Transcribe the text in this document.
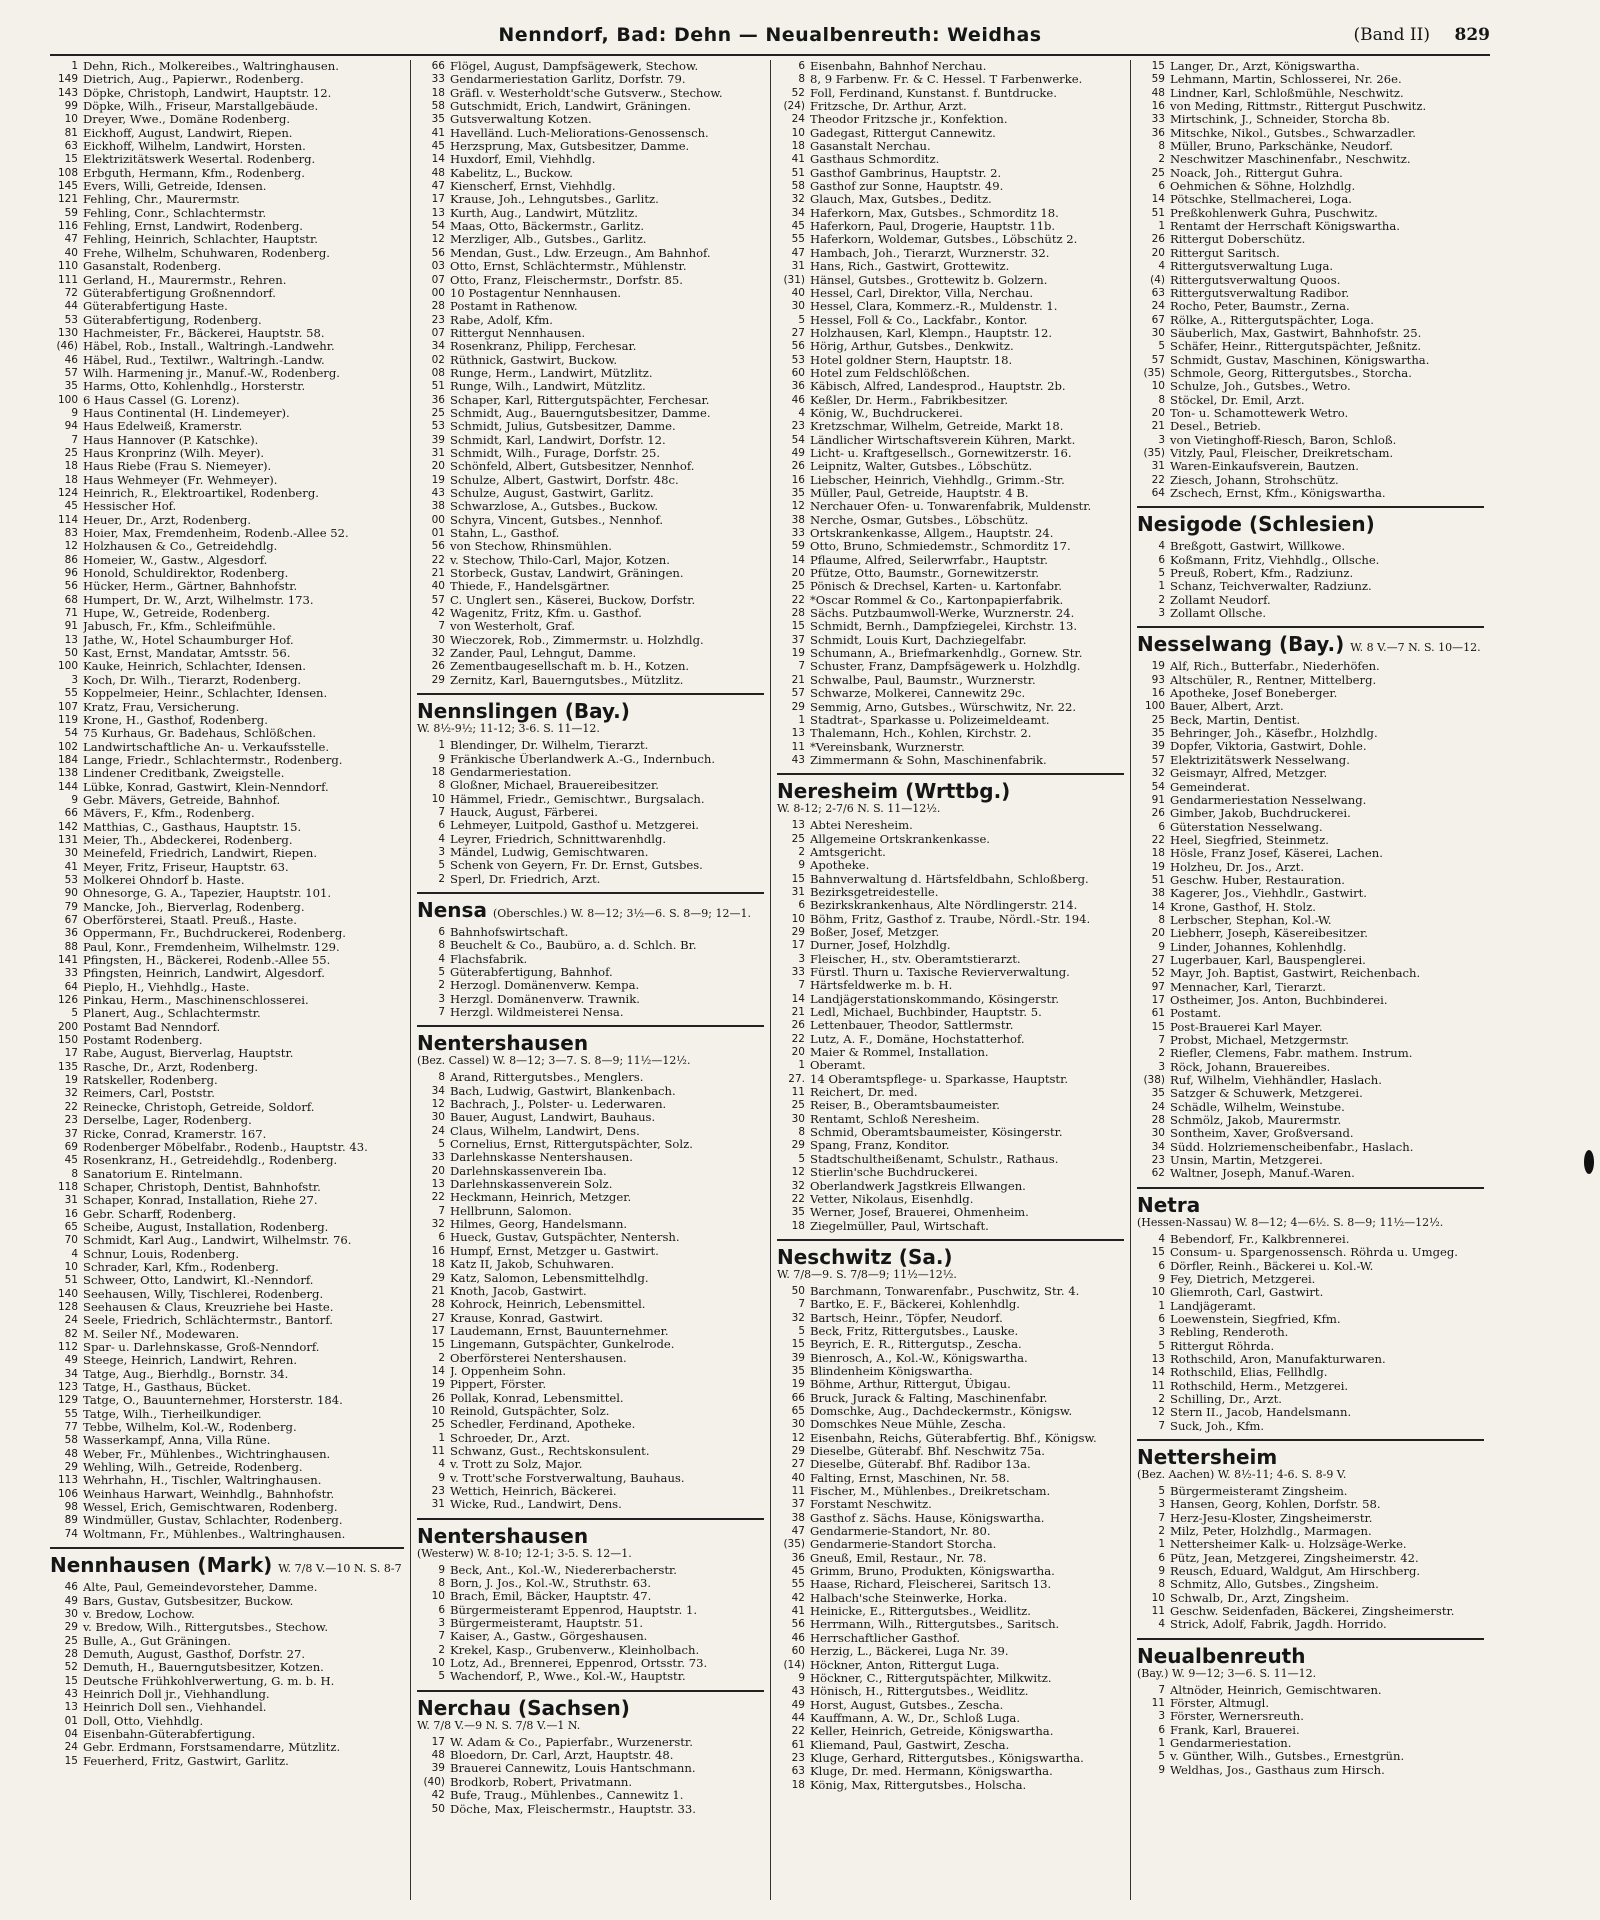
Nenndorf, Bad: Dehn — Neualbenreuth: Weidhas	(Band II) 829
1 Dehn, Rich., Molkereibes., Waltringhausen.
149 Dietrich, Aug., Papierwr., Rodenberg.
143 Döpke, Christoph, Landwirt, Hauptstr. 12.
99 Döpke, Wilh., Friseur, Marstallgebäude.
10 Dreyer, Wwe., Domäne Rodenberg.
81 Eickhoff, August, Landwirt, Riepen.
63 Eickhoff, Wilhelm, Landwirt, Horsten.
15 Elektrizitätswerk Wesertal. Rodenberg.
108 Erbguth, Hermann, Kfm., Rodenberg.
145 Evers, Willi, Getreide, Idensen.
121 Fehling, Chr., Maurermstr.
59 Fehling, Conr., Schlachtermstr.
116 Fehling, Ernst, Landwirt, Rodenberg.
47 Fehling, Heinrich, Schlachter, Hauptstr.
40 Frehe, Wilhelm, Schuhwaren, Rodenberg.
110 Gasanstalt, Rodenberg.
111 Gerland, H., Maurermstr., Rehren.
72 Güterabfertigung Großnenndorf.
44 Güterabfertigung Haste.
53 Güterabfertigung, Rodenberg.
130 Hachmeister, Fr., Bäckerei, Hauptstr. 58.
(46) Häbel, Rob., Install., Waltringh.-Landwehr.
46 Häbel, Rud., Textilwr., Waltringh.-Landw.
57 Wilh. Harmening jr., Manuf.-W., Rodenberg.
35 Harms, Otto, Kohlenhdlg., Horsterstr.
100 6 Haus Cassel (G. Lorenz).
9 Haus Continental (H. Lindemeyer).
94 Haus Edelweiß, Kramerstr.
7 Haus Hannover (P. Katschke).
25 Haus Kronprinz (Wilh. Meyer).
18 Haus Riebe (Frau S. Niemeyer).
18 Haus Wehmeyer (Fr. Wehmeyer).
124 Heinrich, R., Elektroartikel, Rodenberg.
45 Hessischer Hof.
114 Heuer, Dr., Arzt, Rodenberg.
83 Hoier, Max, Fremdenheim, Rodenb.-Allee 52.
12 Holzhausen & Co., Getreidehdlg.
86 Homeier, W., Gastw., Algesdorf.
96 Honold, Schuldirektor, Rodenberg.
56 Hücker, Herm., Gärtner, Bahnhofstr.
68 Humpert, Dr. W., Arzt, Wilhelmstr. 173.
71 Hupe, W., Getreide, Rodenberg.
91 Jabusch, Fr., Kfm., Schleifmühle.
13 Jathe, W., Hotel Schaumburger Hof.
50 Kast, Ernst, Mandatar, Amtsstr. 56.
100 Kauke, Heinrich, Schlachter, Idensen.
3 Koch, Dr. Wilh., Tierarzt, Rodenberg.
55 Koppelmeier, Heinr., Schlachter, Idensen.
107 Kratz, Frau, Versicherung.
119 Krone, H., Gasthof, Rodenberg.
54 75 Kurhaus, Gr. Badehaus, Schlößchen.
102 Landwirtschaftliche An- u. Verkaufsstelle.
184 Lange, Friedr., Schlachtermstr., Rodenberg.
138 Lindener Creditbank, Zweigstelle.
144 Lübke, Konrad, Gastwirt, Klein-Nenndorf.
9 Gebr. Mävers, Getreide, Bahnhof.
66 Mävers, F., Kfm., Rodenberg.
142 Matthias, C., Gasthaus, Hauptstr. 15.
131 Meier, Th., Abdeckerei, Rodenberg.
30 Meinefeld, Friedrich, Landwirt, Riepen.
41 Meyer, Fritz, Friseur, Hauptstr. 63.
53 Molkerei Ohndorf b. Haste.
90 Ohnesorge, G. A., Tapezier, Hauptstr. 101.
79 Mancke, Joh., Bierverlag, Rodenberg.
67 Oberförsterei, Staatl. Preuß., Haste.
36 Oppermann, Fr., Buchdruckerei, Rodenberg.
88 Paul, Konr., Fremdenheim, Wilhelmstr. 129.
141 Pfingsten, H., Bäckerei, Rodenb.-Allee 55.
33 Pfingsten, Heinrich, Landwirt, Algesdorf.
64 Pieplo, H., Viehhdlg., Haste.
126 Pinkau, Herm., Maschinenschlosserei.
5 Planert, Aug., Schlachtermstr.
200 Postamt Bad Nenndorf.
150 Postamt Rodenberg.
17 Rabe, August, Bierverlag, Hauptstr.
135 Rasche, Dr., Arzt, Rodenberg.
19 Ratskeller, Rodenberg.
32 Reimers, Carl, Poststr.
22 Reinecke, Christoph, Getreide, Soldorf.
23 Derselbe, Lager, Rodenberg.
37 Ricke, Conrad, Kramerstr. 167.
69 Rodenberger Möbelfabr., Rodenb., Hauptstr. 43.
45 Rosenkranz, H., Getreidehdlg., Rodenberg.
8 Sanatorium E. Rintelmann.
118 Schaper, Christoph, Dentist, Bahnhofstr.
31 Schaper, Konrad, Installation, Riehe 27.
16 Gebr. Scharff, Rodenberg.
65 Scheibe, August, Installation, Rodenberg.
70 Schmidt, Karl Aug., Landwirt, Wilhelmstr. 76.
4 Schnur, Louis, Rodenberg.
10 Schrader, Karl, Kfm., Rodenberg.
51 Schweer, Otto, Landwirt, Kl.-Nenndorf.
140 Seehausen, Willy, Tischlerei, Rodenberg.
128 Seehausen & Claus, Kreuzriehe bei Haste.
24 Seele, Friedrich, Schlächtermstr., Bantorf.
82 M. Seiler Nf., Modewaren.
112 Spar- u. Darlehnskasse, Groß-Nenndorf.
49 Steege, Heinrich, Landwirt, Rehren.
34 Tatge, Aug., Bierhdlg., Bornstr. 34.
123 Tatge, H., Gasthaus, Bücket.
129 Tatge, O., Bauunternehmer, Horsterstr. 184.
55 Tatge, Wilh., Tierheilkundiger.
77 Tebbe, Wilhelm, Kol.-W., Rodenberg.
58 Wasserkampf, Anna, Villa Rüne.
48 Weber, Fr., Mühlenbes., Wichtringhausen.
29 Wehling, Wilh., Getreide, Rodenberg.
113 Wehrhahn, H., Tischler, Waltringhausen.
106 Weinhaus Harwart, Weinhdlg., Bahnhofstr.
98 Wessel, Erich, Gemischtwaren, Rodenberg.
89 Windmüller, Gustav, Schlachter, Rodenberg.
74 Woltmann, Fr., Mühlenbes., Waltringhausen.
Nennhausen (Mark) W. 7/8 V.—10 N. S. 8-7
46 Alte, Paul, Gemeindevorsteher, Damme.
49 Bars, Gustav, Gutsbesitzer, Buckow.
30 v. Bredow, Lochow.
29 v. Bredow, Wilh., Rittergutsbes., Stechow.
25 Bulle, A., Gut Gräningen.
28 Demuth, August, Gasthof, Dorfstr. 27.
52 Demuth, H., Bauerngutsbesitzer, Kotzen.
15 Deutsche Frühkohlverwertung, G. m. b. H.
43 Heinrich Doll jr., Viehhandlung.
13 Heinrich Doll sen., Viehhandel.
01 Doll, Otto, Viehhdlg.
04 Eisenbahn-Güterabfertigung.
24 Gebr. Erdmann, Forstsamendarre, Mützlitz.
15 Feuerherd, Fritz, Gastwirt, Garlitz.
66 Flögel, August, Dampfsägewerk, Stechow.
33 Gendarmeriestation Garlitz, Dorfstr. 79.
18 Gräfl. v. Westerholdt'sche Gutsverw., Stechow.
58 Gutschmidt, Erich, Landwirt, Gräningen.
35 Gutsverwaltung Kotzen.
41 Havelländ. Luch-Meliorations-Genossensch.
45 Herzsprung, Max, Gutsbesitzer, Damme.
14 Huxdorf, Emil, Viehhdlg.
48 Kabelitz, L., Buckow.
47 Kienscherf, Ernst, Viehhdlg.
17 Krause, Joh., Lehngutsbes., Garlitz.
13 Kurth, Aug., Landwirt, Mützlitz.
54 Maas, Otto, Bäckermstr., Garlitz.
12 Merzliger, Alb., Gutsbes., Garlitz.
56 Mendan, Gust., Ldw. Erzeugn., Am Bahnhof.
03 Otto, Ernst, Schlächtermstr., Mühlenstr.
07 Otto, Franz, Fleischermstr., Dorfstr. 85.
00 10 Postagentur Nennhausen.
28 Postamt in Rathenow.
23 Rabe, Adolf, Kfm.
07 Rittergut Nennhausen.
34 Rosenkranz, Philipp, Ferchesar.
02 Rüthnick, Gastwirt, Buckow.
08 Runge, Herm., Landwirt, Mützlitz.
51 Runge, Wilh., Landwirt, Mützlitz.
36 Schaper, Karl, Rittergutspächter, Ferchesar.
25 Schmidt, Aug., Bauerngutsbesitzer, Damme.
53 Schmidt, Julius, Gutsbesitzer, Damme.
39 Schmidt, Karl, Landwirt, Dorfstr. 12.
31 Schmidt, Wilh., Furage, Dorfstr. 25.
20 Schönfeld, Albert, Gutsbesitzer, Nennhof.
19 Schulze, Albert, Gastwirt, Dorfstr. 48c.
43 Schulze, August, Gastwirt, Garlitz.
38 Schwarzlose, A., Gutsbes., Buckow.
00 Schyra, Vincent, Gutsbes., Nennhof.
01 Stahn, L., Gasthof.
56 von Stechow, Rhinsmühlen.
22 v. Stechow, Thilo-Carl, Major, Kotzen.
21 Storbeck, Gustav, Landwirt, Gräningen.
40 Thiede, F., Handelsgärtner.
57 C. Unglert sen., Käserei, Buckow, Dorfstr.
42 Wagenitz, Fritz, Kfm. u. Gasthof.
7 von Westerholt, Graf.
30 Wieczorek, Rob., Zimmermstr. u. Holzhdlg.
32 Zander, Paul, Lehngut, Damme.
26 Zementbaugesellschaft m. b. H., Kotzen.
29 Zernitz, Karl, Bauerngutsbes., Mützlitz.
Nennslingen (Bay.)
W. 8½-9½; 11-12; 3-6. S. 11—12.
1 Blendinger, Dr. Wilhelm, Tierarzt.
9 Fränkische Überlandwerk A.-G., Indernbuch.
18 Gendarmeriestation.
8 Gloßner, Michael, Brauereibesitzer.
10 Hämmel, Friedr., Gemischtwr., Burgsalach.
7 Hauck, August, Färberei.
6 Lehmeyer, Luitpold, Gasthof u. Metzgerei.
4 Leyrer, Friedrich, Schnittwarenhdlg.
3 Mändel, Ludwig, Gemischtwaren.
5 Schenk von Geyern, Fr. Dr. Ernst, Gutsbes.
2 Sperl, Dr. Friedrich, Arzt.
Nensa (Oberschles.) W. 8—12; 3½—6. S. 8—9; 12—1.
6 Bahnhofswirtschaft.
8 Beuchelt & Co., Baubüro, a. d. Schlch. Br.
4 Flachsfabrik.
5 Güterabfertigung, Bahnhof.
2 Herzogl. Domänenverw. Kempa.
3 Herzgl. Domänenverw. Trawnik.
7 Herzgl. Wildmeisterei Nensa.
Nentershausen
(Bez. Cassel) W. 8—12; 3—7. S. 8—9; 11½—12½.
8 Arand, Rittergutsbes., Menglers.
34 Bach, Ludwig, Gastwirt, Blankenbach.
12 Bachrach, J., Polster- u. Lederwaren.
30 Bauer, August, Landwirt, Bauhaus.
24 Claus, Wilhelm, Landwirt, Dens.
5 Cornelius, Ernst, Rittergutspächter, Solz.
33 Darlehnskasse Nentershausen.
20 Darlehnskassenverein Iba.
13 Darlehnskassenverein Solz.
22 Heckmann, Heinrich, Metzger.
7 Hellbrunn, Salomon.
32 Hilmes, Georg, Handelsmann.
6 Hueck, Gustav, Gutspächter, Nentersh.
16 Humpf, Ernst, Metzger u. Gastwirt.
18 Katz II, Jakob, Schuhwaren.
29 Katz, Salomon, Lebensmittelhdlg.
21 Knoth, Jacob, Gastwirt.
28 Kohrock, Heinrich, Lebensmittel.
27 Krause, Konrad, Gastwirt.
17 Laudemann, Ernst, Bauunternehmer.
15 Lingemann, Gutspächter, Gunkelrode.
2 Oberförsterei Nentershausen.
14 J. Oppenheim Sohn.
19 Pippert, Förster.
26 Pollak, Konrad, Lebensmittel.
10 Reinold, Gutspächter, Solz.
25 Schedler, Ferdinand, Apotheke.
1 Schroeder, Dr., Arzt.
11 Schwanz, Gust., Rechtskonsulent.
4 v. Trott zu Solz, Major.
9 v. Trott'sche Forstverwaltung, Bauhaus.
23 Wettich, Heinrich, Bäckerei.
31 Wicke, Rud., Landwirt, Dens.
Nentershausen
(Westerw) W. 8-10; 12-1; 3-5. S. 12—1.
9 Beck, Ant., Kol.-W., Niedererbacherstr.
8 Born, J. Jos., Kol.-W., Struthstr. 63.
10 Brach, Emil, Bäcker, Hauptstr. 47.
6 Bürgermeisteramt Eppenrod, Hauptstr. 1.
3 Bürgermeisteramt, Hauptstr. 51.
7 Kaiser, A., Gastw., Görgeshausen.
2 Krekel, Kasp., Grubenverw., Kleinholbach.
10 Lotz, Ad., Brennerei, Eppenrod, Ortsstr. 73.
5 Wachendorf, P., Wwe., Kol.-W., Hauptstr.
Nerchau (Sachsen)
W. 7/8 V.—9 N. S. 7/8 V.—1 N.
17 W. Adam & Co., Papierfabr., Wurzenerstr.
48 Bloedorn, Dr. Carl, Arzt, Hauptstr. 48.
39 Brauerei Cannewitz, Louis Hantschmann.
(40) Brodkorb, Robert, Privatmann.
42 Bufe, Traug., Mühlenbes., Cannewitz 1.
50 Döche, Max, Fleischermstr., Hauptstr. 33.
6 Eisenbahn, Bahnhof Nerchau.
8 8, 9 Farbenw. Fr. & C. Hessel. T Farbenwerke.
52 Foll, Ferdinand, Kunstanst. f. Buntdrucke.
(24) Fritzsche, Dr. Arthur, Arzt.
24 Theodor Fritzsche jr., Konfektion.
10 Gadegast, Rittergut Cannewitz.
18 Gasanstalt Nerchau.
41 Gasthaus Schmorditz.
51 Gasthof Gambrinus, Hauptstr. 2.
58 Gasthof zur Sonne, Hauptstr. 49.
32 Glauch, Max, Gutsbes., Deditz.
34 Haferkorn, Max, Gutsbes., Schmorditz 18.
45 Haferkorn, Paul, Drogerie, Hauptstr. 11b.
55 Haferkorn, Woldemar, Gutsbes., Löbschütz 2.
47 Hambach, Joh., Tierarzt, Wurznerstr. 32.
31 Hans, Rich., Gastwirt, Grottewitz.
(31) Hänsel, Gutsbes., Grottewitz b. Golzern.
40 Hessel, Carl, Direktor, Villa, Nerchau.
30 Hessel, Clara, Kommerz.-R., Muldenstr. 1.
5 Hessel, Foll & Co., Lackfabr., Kontor.
27 Holzhausen, Karl, Klempn., Hauptstr. 12.
56 Hörig, Arthur, Gutsbes., Denkwitz.
53 Hotel goldner Stern, Hauptstr. 18.
60 Hotel zum Feldschlößchen.
36 Käbisch, Alfred, Landesprod., Hauptstr. 2b.
46 Keßler, Dr. Herm., Fabrikbesitzer.
4 König, W., Buchdruckerei.
23 Kretzschmar, Wilhelm, Getreide, Markt 18.
54 Ländlicher Wirtschaftsverein Kühren, Markt.
49 Licht- u. Kraftgesellsch., Gornewitzerstr. 16.
26 Leipnitz, Walter, Gutsbes., Löbschütz.
16 Liebscher, Heinrich, Viehhdlg., Grimm.-Str.
35 Müller, Paul, Getreide, Hauptstr. 4 B.
12 Nerchauer Ofen- u. Tonwarenfabrik, Muldenstr.
38 Nerche, Osmar, Gutsbes., Löbschütz.
33 Ortskrankenkasse, Allgem., Hauptstr. 24.
59 Otto, Bruno, Schmiedemstr., Schmorditz 17.
14 Pflaume, Alfred, Seilerwrfabr., Hauptstr.
20 Pfütze, Otto, Baumstr., Gornewitzerstr.
25 Pönisch & Drechsel, Karten- u. Kartonfabr.
22 *Oscar Rommel & Co., Kartonpapierfabrik.
28 Sächs. Putzbaumwoll-Werke, Wurznerstr. 24.
15 Schmidt, Bernh., Dampfziegelei, Kirchstr. 13.
37 Schmidt, Louis Kurt, Dachziegelfabr.
19 Schumann, A., Briefmarkenhdlg., Gornew. Str.
7 Schuster, Franz, Dampfsägewerk u. Holzhdlg.
21 Schwalbe, Paul, Baumstr., Wurznerstr.
57 Schwarze, Molkerei, Cannewitz 29c.
29 Semmig, Arno, Gutsbes., Würschwitz, Nr. 22.
1 Stadtrat-, Sparkasse u. Polizeimeldeamt.
13 Thalemann, Hch., Kohlen, Kirchstr. 2.
11 *Vereinsbank, Wurznerstr.
43 Zimmermann & Sohn, Maschinenfabrik.
Neresheim (Wrttbg.)
W. 8-12; 2-7/6 N. S. 11—12½.
13 Abtei Neresheim.
25 Allgemeine Ortskrankenkasse.
2 Amtsgericht.
9 Apotheke.
15 Bahnverwaltung d. Härtsfeldbahn, Schloßberg.
31 Bezirksgetreidestelle.
6 Bezirkskrankenhaus, Alte Nördlingerstr. 214.
10 Böhm, Fritz, Gasthof z. Traube, Nördl.-Str. 194.
29 Boßer, Josef, Metzger.
17 Durner, Josef, Holzhdlg.
3 Fleischer, H., stv. Oberamtstierarzt.
33 Fürstl. Thurn u. Taxische Revierverwaltung.
7 Härtsfeldwerke m. b. H.
14 Landjägerstationskommando, Kösingerstr.
21 Ledl, Michael, Buchbinder, Hauptstr. 5.
26 Lettenbauer, Theodor, Sattlermstr.
22 Lutz, A. F., Domäne, Hochstatterhof.
20 Maier & Rommel, Installation.
1 Oberamt.
27. 14 Oberamtspflege- u. Sparkasse, Hauptstr.
11 Reichert, Dr. med.
25 Reiser, B., Oberamtsbaumeister.
30 Rentamt, Schloß Neresheim.
8 Schmid, Oberamtsbaumeister, Kösingerstr.
29 Spang, Franz, Konditor.
5 Stadtschultheißenamt, Schulstr., Rathaus.
12 Stierlin'sche Buchdruckerei.
32 Oberlandwerk Jagstkreis Ellwangen.
22 Vetter, Nikolaus, Eisenhdlg.
35 Werner, Josef, Brauerei, Ohmenheim.
18 Ziegelmüller, Paul, Wirtschaft.
Neschwitz (Sa.)
W. 7/8—9. S. 7/8—9; 11½—12½.
50 Barchmann, Tonwarenfabr., Puschwitz, Str. 4.
7 Bartko, E. F., Bäckerei, Kohlenhdlg.
32 Bartsch, Heinr., Töpfer, Neudorf.
5 Beck, Fritz, Rittergutsbes., Lauske.
15 Beyrich, E. R., Rittergutsp., Zescha.
39 Bienrosch, A., Kol.-W., Königswartha.
35 Blindenheim Königswartha.
19 Böhme, Arthur, Rittergut, Übigau.
66 Bruck, Jurack & Falting, Maschinenfabr.
65 Domschke, Aug., Dachdeckermstr., Königsw.
30 Domschkes Neue Mühle, Zescha.
12 Eisenbahn, Reichs, Güterabfertig. Bhf., Königsw.
29 Dieselbe, Güterabf. Bhf. Neschwitz 75a.
27 Dieselbe, Güterabf. Bhf. Radibor 13a.
40 Falting, Ernst, Maschinen, Nr. 58.
11 Fischer, M., Mühlenbes., Dreikretscham.
37 Forstamt Neschwitz.
38 Gasthof z. Sächs. Hause, Königswartha.
47 Gendarmerie-Standort, Nr. 80.
(35) Gendarmerie-Standort Storcha.
36 Gneuß, Emil, Restaur., Nr. 78.
45 Grimm, Bruno, Produkten, Königswartha.
55 Haase, Richard, Fleischerei, Saritsch 13.
42 Halbach'sche Steinwerke, Horka.
41 Heinicke, E., Rittergutsbes., Weidlitz.
56 Herrmann, Wilh., Rittergutsbes., Saritsch.
46 Herrschaftlicher Gasthof.
60 Herzig, L., Bäckerei, Luga Nr. 39.
(14) Höckner, Anton, Rittergut Luga.
9 Höckner, C., Rittergutspächter, Milkwitz.
43 Hönisch, H., Rittergutsbes., Weidlitz.
49 Horst, August, Gutsbes., Zescha.
44 Kauffmann, A. W., Dr., Schloß Luga.
22 Keller, Heinrich, Getreide, Königswartha.
61 Kliemand, Paul, Gastwirt, Zescha.
23 Kluge, Gerhard, Rittergutsbes., Königswartha.
63 Kluge, Dr. med. Hermann, Königswartha.
18 König, Max, Rittergutsbes., Holscha.
15 Langer, Dr., Arzt, Königswartha.
59 Lehmann, Martin, Schlosserei, Nr. 26e.
48 Lindner, Karl, Schloßmühle, Neschwitz.
16 von Meding, Rittmstr., Rittergut Puschwitz.
33 Mirtschink, J., Schneider, Storcha 8b.
36 Mitschke, Nikol., Gutsbes., Schwarzadler.
8 Müller, Bruno, Parkschänke, Neudorf.
2 Neschwitzer Maschinenfabr., Neschwitz.
25 Noack, Joh., Rittergut Guhra.
6 Oehmichen & Söhne, Holzhdlg.
14 Pötschke, Stellmacherei, Loga.
51 Preßkohlenwerk Guhra, Puschwitz.
1 Rentamt der Herrschaft Königswartha.
26 Rittergut Doberschütz.
20 Rittergut Saritsch.
4 Rittergutsverwaltung Luga.
(4) Rittergutsverwaltung Quoos.
63 Rittergutsverwaltung Radibor.
24 Rocho, Peter, Baumstr., Zerna.
67 Rölke, A., Rittergutspächter, Loga.
30 Säuberlich, Max, Gastwirt, Bahnhofstr. 25.
5 Schäfer, Heinr., Rittergutspächter, Jeßnitz.
57 Schmidt, Gustav, Maschinen, Königswartha.
(35) Schmole, Georg, Rittergutsbes., Storcha.
10 Schulze, Joh., Gutsbes., Wetro.
8 Stöckel, Dr. Emil, Arzt.
20 Ton- u. Schamottewerk Wetro.
21 Desel., Betrieb.
3 von Vietinghoff-Riesch, Baron, Schloß.
(35) Vitzly, Paul, Fleischer, Dreikretscham.
31 Waren-Einkaufsverein, Bautzen.
22 Ziesch, Johann, Strohschütz.
64 Zschech, Ernst, Kfm., Königswartha.
Nesigode (Schlesien)
4 Breßgott, Gastwirt, Willkowe.
6 Koßmann, Fritz, Viehhdlg., Ollsche.
5 Preuß, Robert, Kfm., Radziunz.
1 Schanz, Teichverwalter, Radziunz.
2 Zollamt Neudorf.
3 Zollamt Ollsche.
Nesselwang (Bay.) W. 8 V.—7 N. S. 10—12.
19 Alf, Rich., Butterfabr., Niederhöfen.
93 Altschüler, R., Rentner, Mittelberg.
16 Apotheke, Josef Boneberger.
100 Bauer, Albert, Arzt.
25 Beck, Martin, Dentist.
35 Behringer, Joh., Käsefbr., Holzhdlg.
39 Dopfer, Viktoria, Gastwirt, Dohle.
57 Elektrizitätswerk Nesselwang.
32 Geismayr, Alfred, Metzger.
54 Gemeinderat.
91 Gendarmeriestation Nesselwang.
26 Gimber, Jakob, Buchdruckerei.
6 Güterstation Nesselwang.
22 Heel, Siegfried, Steinmetz.
18 Hösle, Franz Josef, Käserei, Lachen.
19 Holzheu, Dr. Jos., Arzt.
51 Geschw. Huber, Restauration.
38 Kagerer, Jos., Viehhdlr., Gastwirt.
14 Krone, Gasthof, H. Stolz.
8 Lerbscher, Stephan, Kol.-W.
20 Liebherr, Joseph, Käsereibesitzer.
9 Linder, Johannes, Kohlenhdlg.
27 Lugerbauer, Karl, Bauspenglerei.
52 Mayr, Joh. Baptist, Gastwirt, Reichenbach.
97 Mennacher, Karl, Tierarzt.
17 Ostheimer, Jos. Anton, Buchbinderei.
61 Postamt.
15 Post-Brauerei Karl Mayer.
7 Probst, Michael, Metzgermstr.
2 Riefler, Clemens, Fabr. mathem. Instrum.
3 Röck, Johann, Brauereibes.
(38) Ruf, Wilhelm, Viehhändler, Haslach.
35 Satzger & Schuwerk, Metzgerei.
24 Schädle, Wilhelm, Weinstube.
28 Schmölz, Jakob, Maurermstr.
30 Sontheim, Xaver, Großversand.
34 Südd. Holzriemenscheibenfabr., Haslach.
23 Unsin, Martin, Metzgerei.
62 Waltner, Joseph, Manuf.-Waren.
Netra
(Hessen-Nassau) W. 8—12; 4—6½. S. 8—9; 11½—12½.
4 Bebendorf, Fr., Kalkbrennerei.
15 Consum- u. Spargenossensch. Röhrda u. Umgeg.
6 Dörfler, Reinh., Bäckerei u. Kol.-W.
9 Fey, Dietrich, Metzgerei.
10 Gliemroth, Carl, Gastwirt.
1 Landjägeramt.
6 Loewenstein, Siegfried, Kfm.
3 Rebling, Renderoth.
5 Rittergut Röhrda.
13 Rothschild, Aron, Manufakturwaren.
14 Rothschild, Elias, Fellhdlg.
11 Rothschild, Herm., Metzgerei.
2 Schilling, Dr., Arzt.
12 Stern II., Jacob, Handelsmann.
7 Suck, Joh., Kfm.
Nettersheim
(Bez. Aachen) W. 8½-11; 4-6. S. 8-9 V.
5 Bürgermeisteramt Zingsheim.
3 Hansen, Georg, Kohlen, Dorfstr. 58.
7 Herz-Jesu-Kloster, Zingsheimerstr.
2 Milz, Peter, Holzhdlg., Marmagen.
1 Nettersheimer Kalk- u. Holzsäge-Werke.
6 Pütz, Jean, Metzgerei, Zingsheimerstr. 42.
9 Reusch, Eduard, Waldgut, Am Hirschberg.
8 Schmitz, Allo, Gutsbes., Zingsheim.
10 Schwalb, Dr., Arzt, Zingsheim.
11 Geschw. Seidenfaden, Bäckerei, Zingsheimerstr.
4 Strick, Adolf, Fabrik, Jagdh. Horrido.
Neualbenreuth
(Bay.) W. 9—12; 3—6. S. 11—12.
7 Altnöder, Heinrich, Gemischtwaren.
11 Förster, Altmugl.
3 Förster, Wernersreuth.
6 Frank, Karl, Brauerei.
1 Gendarmeriestation.
5 v. Günther, Wilh., Gutsbes., Ernestgrün.
9 Weldhas, Jos., Gasthaus zum Hirsch.
